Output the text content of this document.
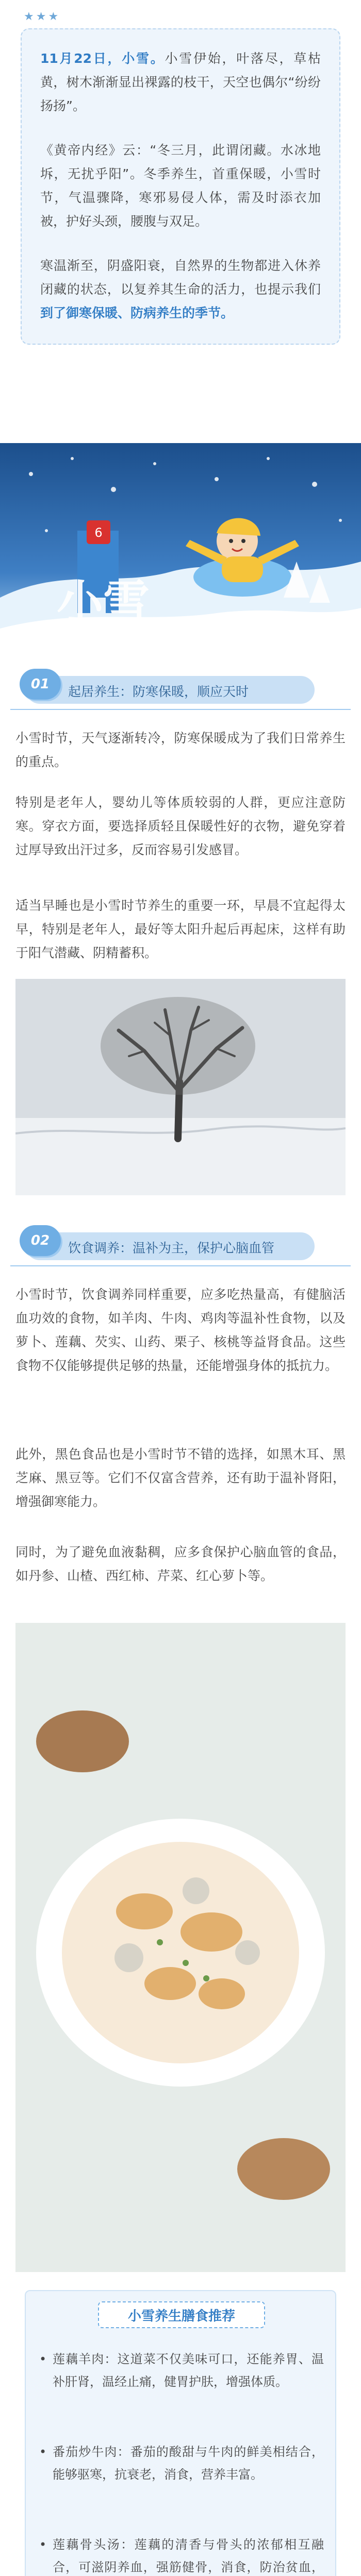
★★★

11月22日，小雪。小雪伊始，叶落尽，草枯黄，树木渐渐显出裸露的枝干，天空也偶尔“纷纷扬扬”。

《黄帝内经》云：“冬三月，此谓闭藏。水冰地坼，无扰乎阳”。冬季养生，首重保暖，小雪时节，气温骤降，寒邪易侵人体，需及时添衣加被，护好头颈，腰腹与双足。

寒温渐至，阴盛阳衰，自然界的生物都进入休养闭藏的状态，以复养其生命的活力，也提示我们到了御寒保暖、防病养生的季节。

6
小雪
01	起居养生：防寒保暖，顺应天时
小雪时节，天气逐渐转冷，防寒保暖成为了我们日常养生的重点。
特别是老年人，婴幼儿等体质较弱的人群，更应注意防寒。穿衣方面，要选择质轻且保暖性好的衣物，避免穿着过厚导致出汗过多，反而容易引发感冒。
适当早睡也是小雪时节养生的重要一环，早晨不宜起得太早，特别是老年人，最好等太阳升起后再起床，这样有助于阳气潜藏、阴精蓄积。
02	饮食调养：温补为主，保护心脑血管
小雪时节，饮食调养同样重要，应多吃热量高，有健脑活血功效的食物，如羊肉、牛肉、鸡肉等温补性食物，以及萝卜、莲藕、芡实、山药、栗子、核桃等益肾食品。这些食物不仅能够提供足够的热量，还能增强身体的抵抗力。
此外，黑色食品也是小雪时节不错的选择，如黑木耳、黑芝麻、黑豆等。它们不仅富含营养，还有助于温补肾阳，增强御寒能力。
同时，为了避免血液黏稠，应多食保护心脑血管的食品，如丹参、山楂、西红柿、芹菜、红心萝卜等。
小雪养生膳食推荐
• 莲藕羊肉：这道菜不仅美味可口，还能养胃、温补肝肾，温经止痛，健胃护肤，增强体质。
• 番茄炒牛肉：番茄的酸甜与牛肉的鲜美相结合，能够驱寒，抗衰老，消食，营养丰富。
• 莲藕骨头汤：莲藕的清香与骨头的浓郁相互融合，可滋阴养血，强筋健骨，消食，防治贫血，
